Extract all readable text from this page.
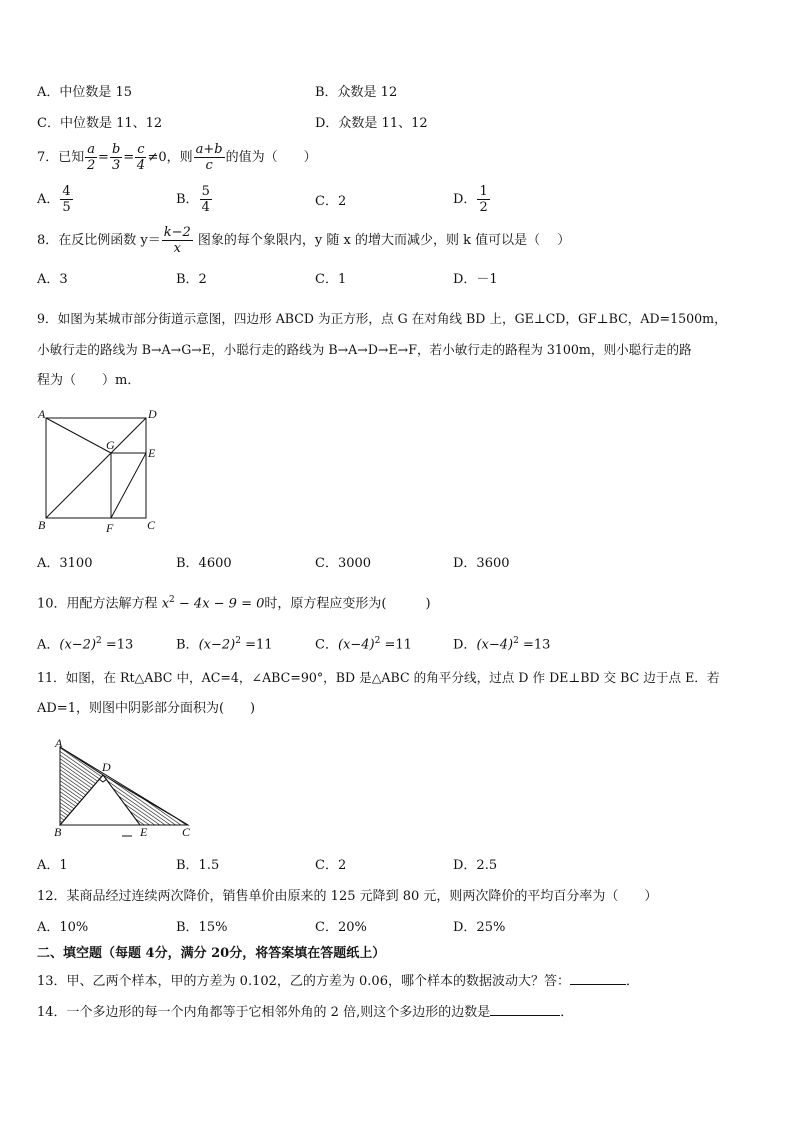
A．中位数是 15	B．众数是 12
C．中位数是 11、12	D．众数是 11、12
7．已知 $\frac{a}{2} = \frac{b}{3} = \frac{c}{4} \ne 0$，则 $\frac{a+b}{c}$ 的值为（　　）
A． $\frac{4}{5}$	B． $\frac{5}{4}$	C．2	D． $\frac{1}{2}$
8．在反比例函数 $y= \frac{k-2}{x}$ 图象的每个象限内，y 随 x 的增大而减少，则 k 值可以是（　 ）
A．3	B．2	C．1	D．－1
9．如图为某城市部分街道示意图，四边形 ABCD 为正方形，点 G 在对角线 BD 上，GE⊥CD，GF⊥BC，AD=1500m，
小敏行走的路线为 B→A→G→E，小聪行走的路线为 B→A→D→E→F，若小敏行走的路程为 3100m，则小聪行走的路
程为（　　）m．
A	D
G
E
B	F	C
A．3100	B．4600	C．3000	D．3600
10．用配方法解方程 $x^2 - 4x - 9 = 0$时，原方程应变形为(　　　)
A．$(x-2)^2 =13$	B．$(x-2)^2 =11$	C．$(x-4)^2 =11$	D．$(x-4)^2 =13$
11．如图，在 Rt△ABC 中，AC=4，∠ABC=90°，BD 是△ABC 的角平分线，过点 D 作 DE⊥BD 交 BC 边于点 E．若
AD=1，则图中阴影部分面积为(　　)
A
D
B	E	C
A．1	B．1.5	C．2	D．2.5
12．某商品经过连续两次降价，销售单价由原来的 125 元降到 80 元，则两次降价的平均百分率为（　　）
A．10%	B．15%	C．20%	D．25%
二、填空题（每题 4分，满分 20分，将答案填在答题纸上）
13．甲、乙两个样本，甲的方差为 0.102，乙的方差为 0.06，哪个样本的数据波动大？答：	．
14．一个多边形的每一个内角都等于它相邻外角的 2 倍,则这个多边形的边数是	．
